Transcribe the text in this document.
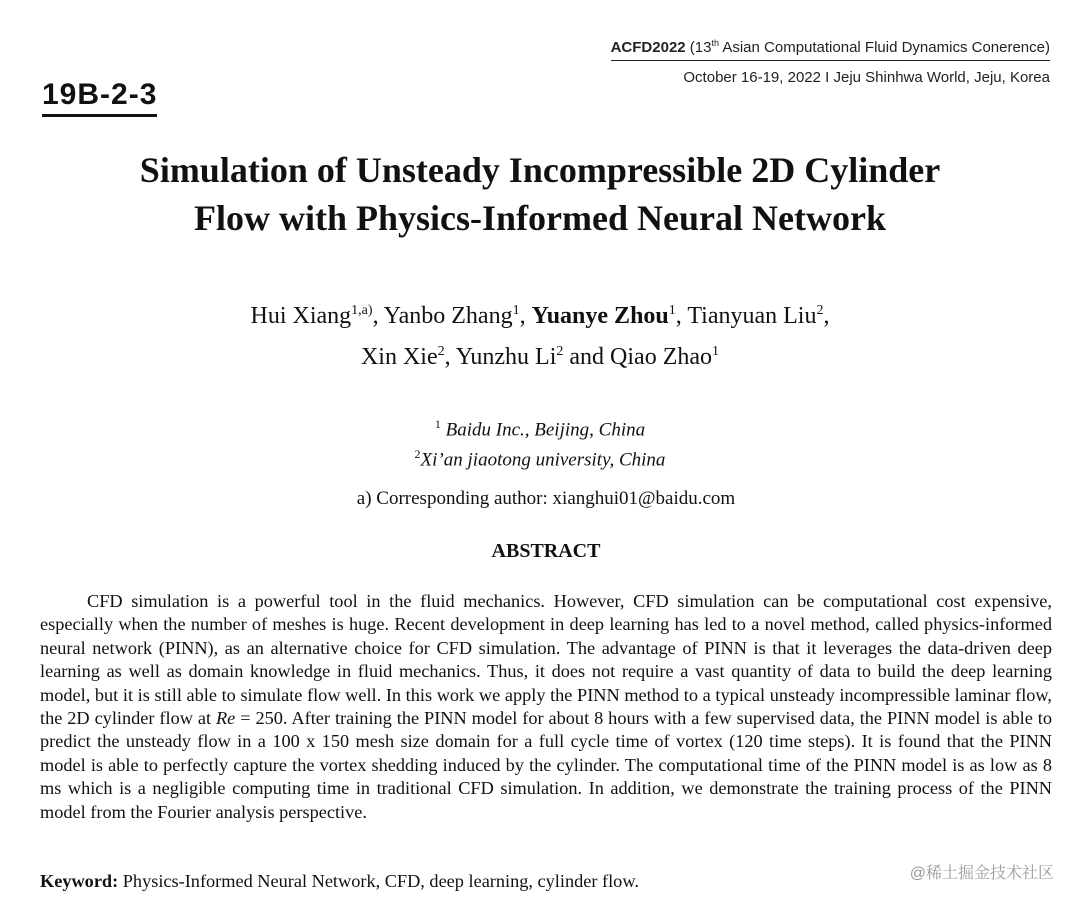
ACFD2022 (13th Asian Computational Fluid Dynamics Conerence)
October 16-19, 2022 I Jeju Shinhwa World, Jeju, Korea
19B-2-3
Simulation of Unsteady Incompressible 2D Cylinder
Flow with Physics-Informed Neural Network
Hui Xiang$^{1,a)}$, Yanbo Zhang$^1$, Yuanye Zhou$^1$, Tianyuan Liu$^2$,
Xin Xie$^2$, Yunzhu Li$^2$ and Qiao Zhao$^1$
$^1$ Baidu Inc., Beijing, China
$^2$Xi’an jiaotong university, China
a) Corresponding author: xianghui01@baidu.com
ABSTRACT

CFD simulation is a powerful tool in the fluid mechanics. However, CFD simulation can be computational cost expensive, especially when the number of meshes is huge. Recent development in deep learning has led to a novel method, called physics-informed neural network (PINN), as an alternative choice for CFD simulation. The advantage of PINN is that it leverages the data-driven deep learning as well as domain knowledge in fluid mechanics. Thus, it does not require a vast quantity of data to build the deep learning model, but it is still able to simulate flow well. In this work we apply the PINN method to a typical unsteady incompressible laminar flow, the 2D cylinder flow at Re = 250. After training the PINN model for about 8 hours with a few supervised data, the PINN model is able to predict the unsteady flow in a 100 x 150 mesh size domain for a full cycle time of vortex (120 time steps). It is found that the PINN model is able to perfectly capture the vortex shedding induced by the cylinder. The computational time of the PINN model is as low as 8 ms which is a negligible computing time in traditional CFD simulation. In addition, we demonstrate the training process of the PINN model from the Fourier analysis perspective.

Keyword: Physics-Informed Neural Network, CFD, deep learning, cylinder flow.	@稀土掘金技术社区
